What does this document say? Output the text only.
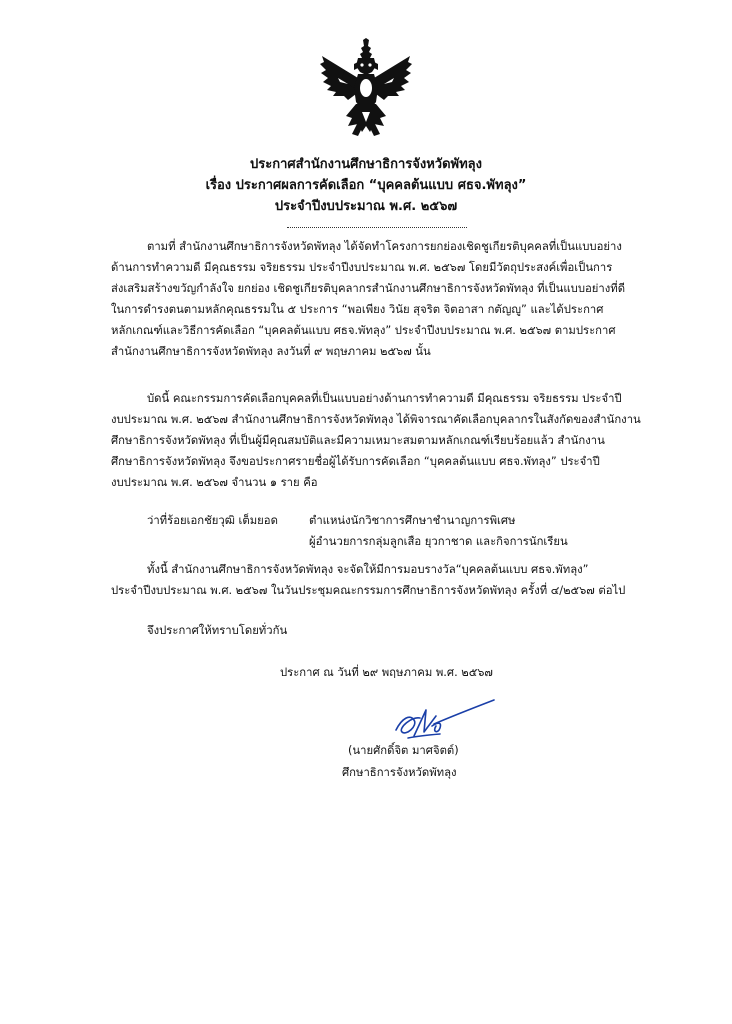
ประกาศสำนักงานศึกษาธิการจังหวัดพัทลุง
เรื่อง ประกาศผลการคัดเลือก “บุคคลต้นแบบ ศธจ.พัทลุง”
ประจำปีงบประมาณ พ.ศ. ๒๕๖๗
ตามที่ สำนักงานศึกษาธิการจังหวัดพัทลุง ได้จัดทำโครงการยกย่องเชิดชูเกียรติบุคคลที่เป็นแบบอย่าง
ด้านการทำความดี มีคุณธรรม จริยธรรม ประจำปีงบประมาณ พ.ศ. ๒๕๖๗ โดยมีวัตถุประสงค์เพื่อเป็นการ
ส่งเสริมสร้างขวัญกำลังใจ ยกย่อง เชิดชูเกียรติบุคลากรสำนักงานศึกษาธิการจังหวัดพัทลุง ที่เป็นแบบอย่างที่ดี
ในการดำรงตนตามหลักคุณธรรมใน ๕ ประการ “พอเพียง วินัย สุจริต จิตอาสา กตัญญู” และได้ประกาศ
หลักเกณฑ์และวิธีการคัดเลือก “บุคคลต้นแบบ ศธจ.พัทลุง” ประจำปีงบประมาณ พ.ศ. ๒๕๖๗ ตามประกาศ
สำนักงานศึกษาธิการจังหวัดพัทลุง ลงวันที่ ๙ พฤษภาคม ๒๕๖๗ นั้น
บัดนี้ คณะกรรมการคัดเลือกบุคคลที่เป็นแบบอย่างด้านการทำความดี มีคุณธรรม จริยธรรม ประจำปี
งบประมาณ พ.ศ. ๒๕๖๗ สำนักงานศึกษาธิการจังหวัดพัทลุง ได้พิจารณาคัดเลือกบุคลากรในสังกัดของสำนักงาน
ศึกษาธิการจังหวัดพัทลุง ที่เป็นผู้มีคุณสมบัติและมีความเหมาะสมตามหลักเกณฑ์เรียบร้อยแล้ว สำนักงาน
ศึกษาธิการจังหวัดพัทลุง จึงขอประกาศรายชื่อผู้ได้รับการคัดเลือก “บุคคลต้นแบบ ศธจ.พัทลุง” ประจำปี
งบประมาณ พ.ศ. ๒๕๖๗ จำนวน ๑ ราย คือ
ว่าที่ร้อยเอกชัยวุฒิ เต็มยอด	ตำแหน่งนักวิชาการศึกษาชำนาญการพิเศษ
ผู้อำนวยการกลุ่มลูกเสือ ยุวกาชาด และกิจการนักเรียน
ทั้งนี้ สำนักงานศึกษาธิการจังหวัดพัทลุง จะจัดให้มีการมอบรางวัล“บุคคลต้นแบบ ศธจ.พัทลุง”
ประจำปีงบประมาณ พ.ศ. ๒๕๖๗ ในวันประชุมคณะกรรมการศึกษาธิการจังหวัดพัทลุง ครั้งที่ ๔/๒๕๖๗ ต่อไป
จึงประกาศให้ทราบโดยทั่วกัน
ประกาศ ณ วันที่ ๒๙ พฤษภาคม พ.ศ. ๒๕๖๗
(นายศักดิ์จิต มาศจิตต์)
ศึกษาธิการจังหวัดพัทลุง
